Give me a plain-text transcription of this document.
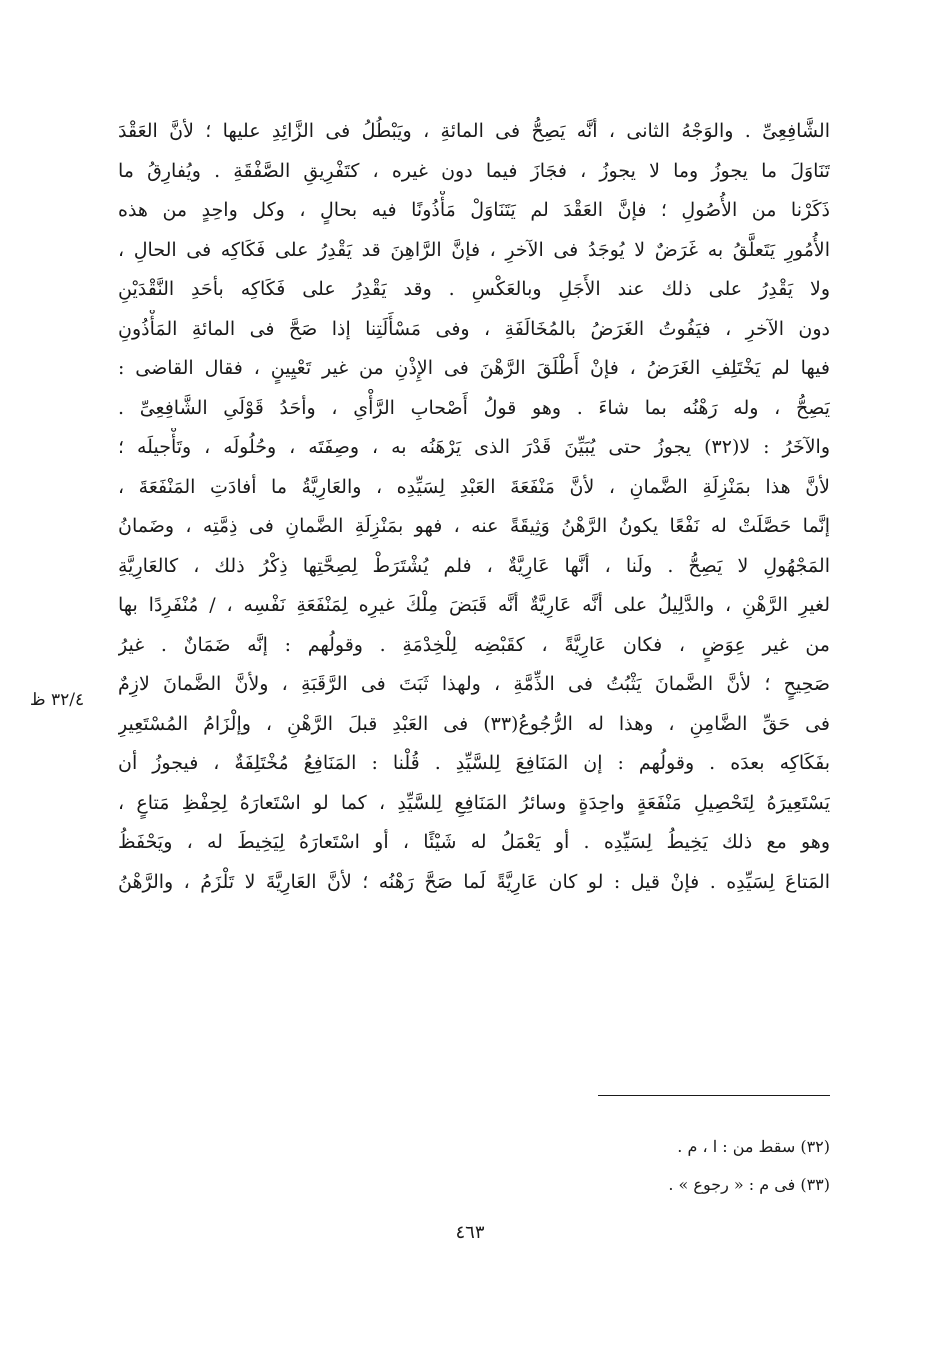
الشَّافِعِىِّ . والوَجْهُ الثانى ، أنَّه يَصِحُّ فى المائةِ ، ويَبْطُلُ فى الزَّائِدِ عليها ؛ لأنَّ العَقْدَ
تَنَاوَلَ ما يجوزُ وما لا يجوزُ ، فجَازَ فيما دون غيره ، كتَفْرِيقِ الصَّفْقَةِ . ويُفارِقُ ما
ذَكَرْنا من الأُصُولِ ؛ فإنَّ العَقْدَ لم يَتَنَاوَلْ مَأْذُونًا فيه بحالٍ ، وكل واحِدٍ من هذه
الأُمُورِ يَتَعلَّقُ به غَرَضٌ لا يُوجَدُ فى الآخرِ ، فإنَّ الرَّاهِنَ قد يَقْدِرُ على فَكَاكِه فى الحالِ ،
ولا يَقْدِرُ على ذلك عند الأَجَلِ وبالعَكْسِ . وقد يَقْدِرُ على فَكَاكِه بأحَدِ النَّقْدَيْنِ
دون الآخرِ ، فيَفُوتُ الغَرَضُ بالمُخَالَفَةِ ، وفى مَسْأَلَتِنا إذا صَحَّ فى المائةِ المَأْذُونِ
فيها لم يَخْتَلِفِ الغَرَضُ ، فإنْ أَطْلَقَ الرَّهْنَ فى الإِذْنِ من غير تَعْيِينٍ ، فقال القاضى :
يَصِحُّ ، وله رَهْنُه بما شاءَ . وهو قولُ أَصْحابِ الرَّأْىِ ، وأحَدُ قَوْلَىِ الشَّافِعِىِّ .
والآخَرُ : لا(٣٢) يجوزُ حتى يُبَيِّنَ قَدْرَ الذى يَرْهَنُه به ، وصِفَتَه ، وحُلُولَه ، وتَأْجيلَه ؛
لأنَّ هذا بمَنْزِلَةِ الضَّمانِ ، لأنَّ مَنْفَعَةَ العَبْدِ لِسَيِّدِه ، والعَارِيَّةُ ما أفادَتِ المَنْفَعَةَ ،
إنَّما حَصَّلَتْ له نَفْعًا يكونُ الرَّهْنُ وَثِيقَةً عنه ، فهو بمَنْزِلَةِ الضَّمانِ فى ذِمَّتِه ، وضَمانُ
المَجْهُولِ لا يَصِحُّ . ولَنا ، أنَّها عَارِيَّةٌ ، فلم يُشْتَرَطْ لِصِحَّتِها ذِكْرُ ذلك ، كالعَارِيَّةِ
لغيرِ الرَّهْنِ ، والدَّلِيلُ على أنَّه عَارِيَّةٌ أنَّه قَبَضَ مِلْكَ غيرِه لِمَنْفَعَةِ نَفْسِه ، / مُنْفَرِدًا بها
من غير عِوَضٍ ، فكان عَارِيَّةً ، كقَبْضِه لِلْخِدْمَةِ . وقولُهم : إنَّه ضَمَانٌ . غيرُ
صَحِيحٍ ؛ لأنَّ الضَّمانَ يَثْبُتُ فى الذِّمَّةِ ، ولهذا ثَبَتَ فى الرَّقَبَةِ ، ولأنَّ الضَّمانَ لازِمٌ
فى حَقِّ الضَّامِنِ ، وهذا له الرُّجُوعُ(٣٣) فى العَبْدِ قبلَ الرَّهْنِ ، وإلْزَامُ المُسْتَعِيرِ
بفَكَاكِه بعدَه . وقولُهم : إن المَنَافِعَ لِلسَّيِّدِ . قُلْنا : المَنَافِعُ مُخْتَلِفَةٌ ، فيجوزُ أن
يَسْتَعِيرَهُ لِتَحْصِيلِ مَنْفَعَةٍ واحِدَةٍ وسائرُ المَنَافِعِ لِلسَّيِّدِ ، كما لو اسْتَعارَهُ لِحِفْظِ مَتاعٍ ،
وهو مع ذلك يَخِيطُ لِسَيِّدِه . أو يَعْمَلُ له شَيْئًا ، أو اسْتَعارَهُ لِيَخِيطَ له ، ويَحْفَظُ
المَتاعَ لِسَيِّدِه . فإنْ قيل : لو كان عَارِيَّةً لَما صَحَّ رَهْنُه ؛ لأنَّ العَارِيَّةَ لا تَلْزَمُ ، والرَّهْنُ
٣٢/٤ ظ
(٣٢) سقط من : ا ، م .
(٣٣) فى م : « رجوع » .
٤٦٣
